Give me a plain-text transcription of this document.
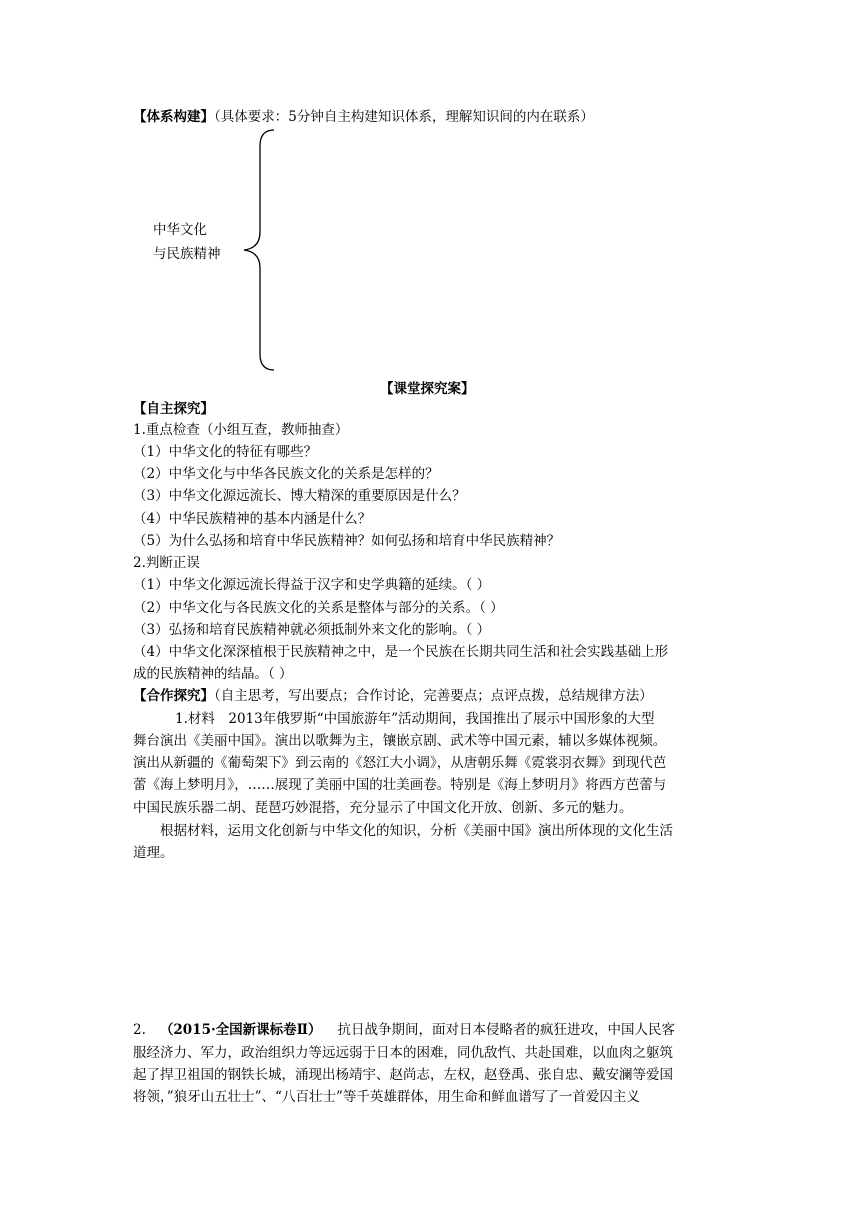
【体系构建】（具体要求：5分钟自主构建知识体系，理解知识间的内在联系）
中华文化
与民族精神
【课堂探究案】
【自主探究】
1.重点检查（小组互查，教师抽查）
（1）中华文化的特征有哪些？
（2）中华文化与中华各民族文化的关系是怎样的？
（3）中华文化源远流长、博大精深的重要原因是什么？
（4）中华民族精神的基本内涵是什么？
（5）为什么弘扬和培育中华民族精神？如何弘扬和培育中华民族精神？
2.判断正误
（1）中华文化源远流长得益于汉字和史学典籍的延续。（ ）
（2）中华文化与各民族文化的关系是整体与部分的关系。（ ）
（3）弘扬和培育民族精神就必须抵制外来文化的影响。（ ）
（4）中华文化深深植根于民族精神之中，是一个民族在长期共同生活和社会实践基础上形
成的民族精神的结晶。（ ）
【合作探究】（自主思考，写出要点；合作讨论，完善要点；点评点拨，总结规律方法）
1.材料　2013年俄罗斯“中国旅游年”活动期间，我国推出了展示中国形象的大型
舞台演出《美丽中国》。演出以歌舞为主，镶嵌京剧、武术等中国元素，辅以多媒体视频。
演出从新疆的《葡萄架下》到云南的《怒江大小调》，从唐朝乐舞《霓裳羽衣舞》到现代芭
蕾《海上梦明月》，……展现了美丽中国的壮美画卷。特别是《海上梦明月》将西方芭蕾与
中国民族乐器二胡、琵琶巧妙混搭，充分显示了中国文化开放、创新、多元的魅力。
根据材料，运用文化创新与中华文化的知识，分析《美丽中国》演出所体现的文化生活
道理。
2. （2015·全国新课标卷Ⅱ） 抗日战争期间，面对日本侵略者的疯狂进攻，中国人民客
服经济力、军力，政治组织力等远远弱于日本的困难，同仇敌忾、共赴国难，以血肉之躯筑
起了捍卫祖国的钢铁长城，涌现出杨靖宇、赵尚志，左权，赵登禹、张自忠、戴安澜等爱国
将领，”狼牙山五壮士”、“八百壮士”等千英雄群体，用生命和鲜血谱写了一首爱囚主义
